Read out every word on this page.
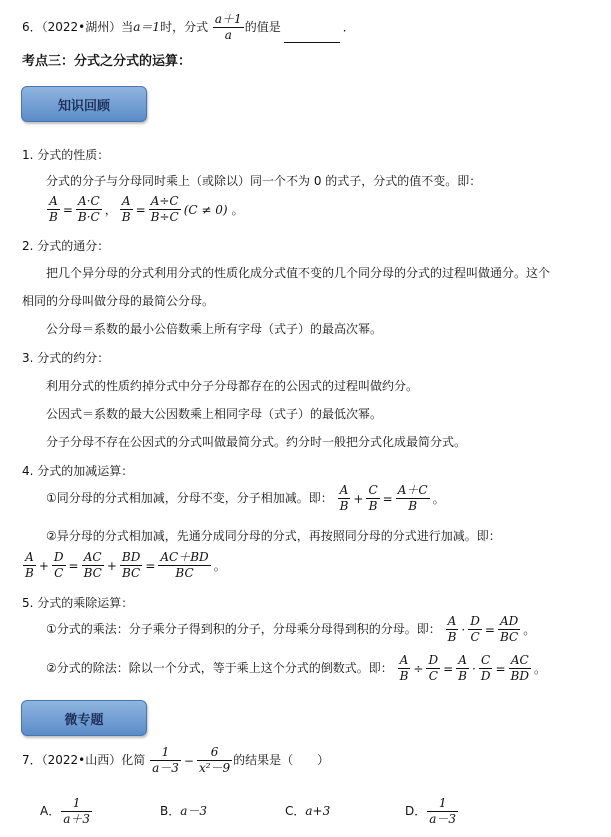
6．（2022•湖州）当a＝1时，分式 $\frac{a+1}{a}$ 的值是	．
考点三：分式之分式的运算：
知识回顾
1. 分式的性质：
分式的分子与分母同时乘上（或除以）同一个不为 0 的式子，分式的值不变。即：
$\frac{A}{B} = \frac{A\cdot C}{B\cdot C}$ ， $\frac{A}{B} = \frac{A\div C}{B\div C} (C \ne 0)$ 。
2. 分式的通分：
把几个异分母的分式利用分式的性质化成分式值不变的几个同分母的分式的过程叫做通分。这个
相同的分母叫做分母的最简公分母。
公分母＝系数的最小公倍数乘上所有字母（式子）的最高次幂。
3. 分式的约分：
利用分式的性质约掉分式中分子分母都存在的公因式的过程叫做约分。
公因式＝系数的最大公因数乘上相同字母（式子）的最低次幂。
分子分母不存在公因式的分式叫做最简分式。约分时一般把分式化成最简分式。
4. 分式的加减运算：
①同分母的分式相加减，分母不变，分子相加减。即： $\frac{A}{B} + \frac{C}{B} = \frac{A+C}{B}$ 。
②异分母的分式相加减，先通分成同分母的分式，再按照同分母的分式进行加减。即：
$\frac{A}{B} + \frac{D}{C} = \frac{AC}{BC} + \frac{BD}{BC} = \frac{AC+BD}{BC}$ 。
5. 分式的乘除运算：
①分式的乘法：分子乘分子得到积的分子，分母乘分母得到积的分母。即： $\frac{A}{B} \cdot \frac{D}{C} = \frac{AD}{BC}$ 。
②分式的除法：除以一个分式，等于乘上这个分式的倒数式。即： $\frac{A}{B} \div \frac{D}{C} = \frac{A}{B} \cdot \frac{C}{D} = \frac{AC}{BD}$ 。
微专题
7．（2022•山西）化简 $\frac{1}{a-3} - \frac{6}{\text{x²－9}}$ 的结果是（　　）
A． $\frac{1}{a+3}$	B．a－3	C．a+3	D． $\frac{1}{a-3}$
